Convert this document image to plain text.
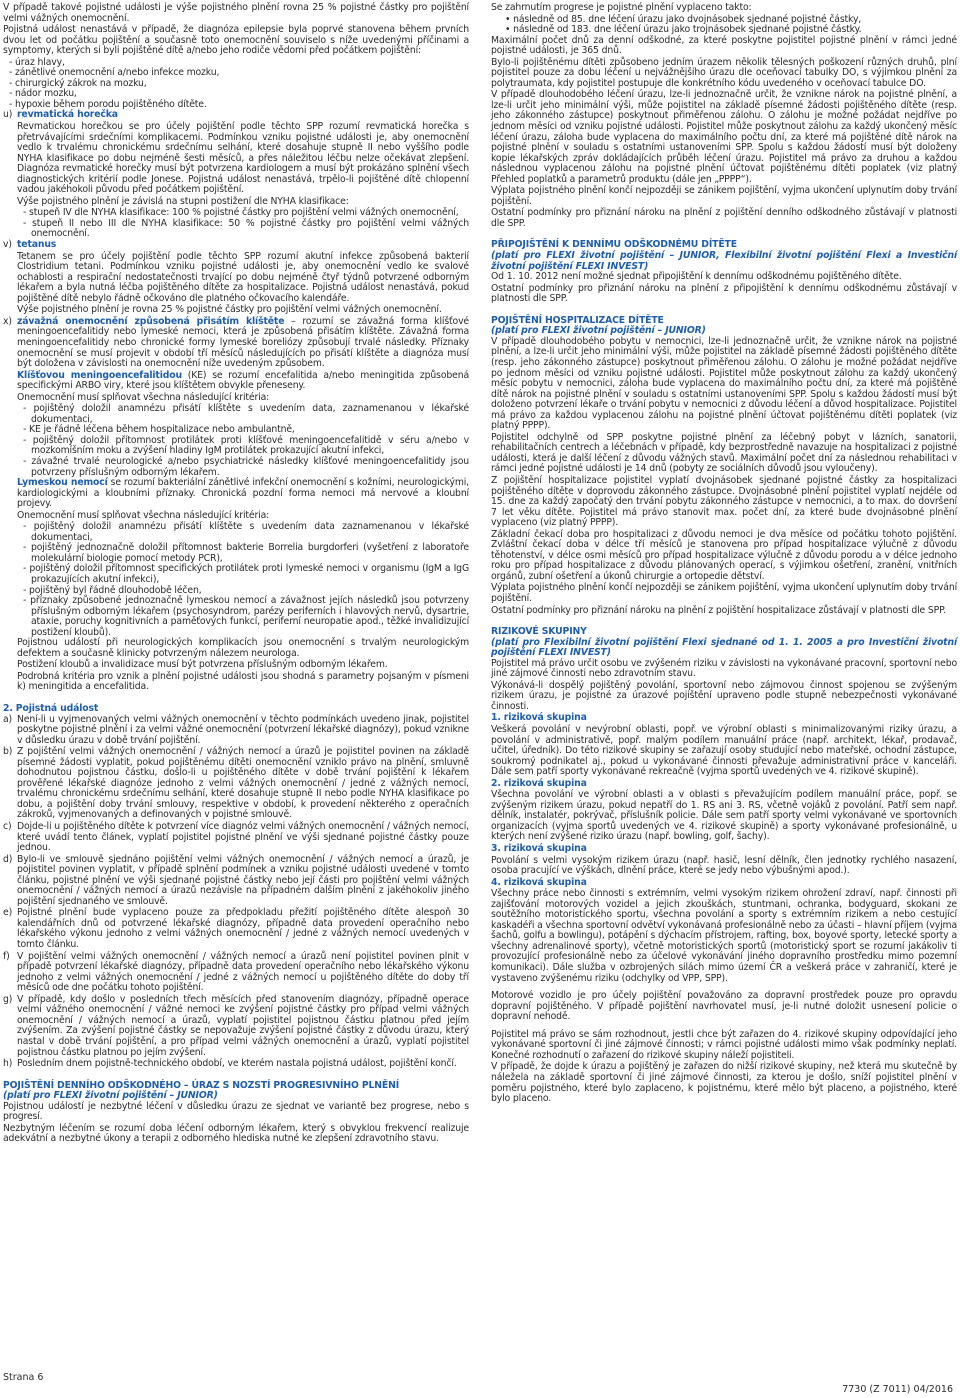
V případě takové pojistné události je výše pojistného plnění rovna 25 % pojistné částky pro pojištění velmi vážných onemocnění.

Pojistná událost nenastává v případě, že diagnóza epilepsie byla poprvé stanovena během prvních dvou let od počátku pojištění a současně toto onemocnění souviselo s níže uvedenými příčinami a symptomy, kterých si byli pojištěné dítě a/nebo jeho rodiče vědomi před počátkem pojištění:

- úraz hlavy,

- zánětlivé onemocnění a/nebo infekce mozku,

- chirurgický zákrok na mozku,

- nádor mozku,

- hypoxie během porodu pojištěného dítěte.

u) revmatická horečka

Revmatickou horečkou se pro účely pojištění podle těchto SPP rozumí revmatická horečka s přetrvávajícími srdečními komplikacemi. Podmínkou vzniku pojistné události je, aby onemocnění vedlo k trvalému chronickému srdečnímu selhání, které dosahuje stupně II nebo vyššího podle NYHA klasifikace po dobu nejméně šesti měsíců, a přes náležitou léčbu nelze očekávat zlepšení. Diagnóza revmatické horečky musí být potvrzena kardiologem a musí být prokázáno splnění všech diagnostických kritérií podle Jonese. Pojistná událost nenastává, trpělo-li pojištěné dítě chlopenní vadou jakéhokoli původu před počátkem pojištění.

Výše pojistného plnění je závislá na stupni postižení dle NYHA klasifikace:

- stupeň IV dle NYHA klasifikace: 100 % pojistné částky pro pojištění velmi vážných onemocnění,

- stupeň II nebo III dle NYHA klasifikace: 50 % pojistné částky pro pojištění velmi vážných onemocnění.

v) tetanus

Tetanem se pro účely pojištění podle těchto SPP rozumí akutní infekce způsobená bakterií Clostridium tetani. Podmínkou vzniku pojistné události je, aby onemocnění vedlo ke svalové ochablosti a respirační nedostatečnosti trvající po dobu nejméně čtyř týdnů potvrzené odborným lékařem a byla nutná léčba pojištěného dítěte za hospitalizace. Pojistná událost nenastává, pokud pojištěné dítě nebylo řádně očkováno dle platného očkovacího kalendáře.

Výše pojistného plnění je rovna 25 % pojistné částky pro pojištění velmi vážných onemocnění.

x) závažná onemocnění způsobená přisátím klíštěte – rozumí se závažná forma klíšťové meningoencefalitidy nebo lymeské nemoci, která je způsobená přisátím klíštěte. Závažná forma meningoencefalitidy nebo chronické formy lymeské boreliózy způsobují trvalé následky. Příznaky onemocnění se musí projevit v období tří měsíců následujících po přisátí klíštěte a diagnóza musí být doložena v závislosti na onemocnění níže uvedeným způsobem.

Klíšťovou meningoencefalitidou (KE) se rozumí encefalitida a/nebo meningitida způsobená specifickými ARBO viry, které jsou klíštětem obvykle přeneseny.

Onemocnění musí splňovat všechna následující kritéria:

- pojištěný doložil anamnézu přisátí klíštěte s uvedením data, zaznamenanou v lékařské dokumentaci,

- KE je řádně léčena během hospitalizace nebo ambulantně,

- pojištěný doložil přítomnost protilátek proti klíšťové meningoencefalitidě v séru a/nebo v mozkomíšním moku a zvýšení hladiny IgM protilátek prokazující akutní infekci,

- závažné trvalé neurologické a/nebo psychiatrické následky klíšťové meningoencefalitidy jsou potvrzeny příslušným odborným lékařem.

Lymeskou nemocí se rozumí bakteriální zánětlivé infekční onemocnění s kožními, neurologickými, kardiologickými a kloubními příznaky. Chronická pozdní forma nemoci má nervové a kloubní projevy.

Onemocnění musí splňovat všechna následující kritéria:

- pojištěný doložil anamnézu přisátí klíštěte s uvedením data zaznamenanou v lékařské dokumentaci,

- pojištěný jednoznačně doložil přítomnost bakterie Borrelia burgdorferi (vyšetření z laboratoře molekulární biologie pomocí metody PCR),

- pojištěný doložil přítomnost specifických protilátek proti lymeské nemoci v organismu (IgM a IgG prokazujících akutní infekci),

- pojištěný byl řádně dlouhodobě léčen,

- příznaky způsobené jednoznačně lymeskou nemocí a závažnost jejích následků jsou potvrzeny příslušným odborným lékařem (psychosyndrom, parézy periferních i hlavových nervů, dysartrie, ataxie, poruchy kognitivních a paměťových funkcí, periferní neuropatie apod., těžké invalidizující postižení kloubů).

Pojistnou událostí při neurologických komplikacích jsou onemocnění s trvalým neurologickým defektem a současně klinicky potvrzeným nálezem neurologa.

Postižení kloubů a invalidizace musí být potvrzena příslušným odborným lékařem.

Podrobná kritéria pro vznik a plnění pojistné události jsou shodná s parametry pojsaným v písmeni k) meningitida a encefalitida.

2. Pojistná událost

a) Není-li u vyjmenovaných velmi vážných onemocnění v těchto podmínkách uvedeno jinak, pojistitel poskytne pojistné plnění i za velmi vážné onemocnění (potvrzení lékařské diagnózy), pokud vznikne v důsledku úrazu v době trvání pojištění.

b) Z pojištění velmi vážných onemocnění / vážných nemocí a úrazů je pojistitel povinen na základě písemné žádosti vyplatit, pokud pojištěnému dítěti onemocnění vzniklo právo na plnění, smluvně dohodnutou pojistnou částku, došlo-li u pojištěného dítěte v době trvání pojištění k lékařem prověřené lékařské diagnóze jednoho z velmi vážných onemocnění / jedné z vážných nemocí, trvalému chronickému srdečnímu selhání, které dosahuje stupně II nebo podle NYHA klasifikace po dobu, a pojištění doby trvání smlouvy, respektive v období, k provedení některého z operačních zákroků, vyjmenovaných a definovaných v pojistné smlouvě.

c) Dojde-li u pojištěného dítěte k potvrzení více diagnóz velmi vážných onemocnění / vážných nemocí, které uvádí tento článek, vyplatí pojistitel pojistné plnění ve výši sjednané pojistné částky pouze jednou.

d) Bylo-li ve smlouvě sjednáno pojištění velmi vážných onemocnění / vážných nemocí a úrazů, je pojistitel povinen vyplatit, v případě splnění podmínek a vzniku pojistné události uvedené v tomto článku, pojistné plnění ve výši sjednané pojistné částky nebo její části pro pojištění velmi vážných onemocnění / vážných nemocí a úrazů nezávisle na případném dalším plnění z jakéhokoliv jiného pojištění sjednaného ve smlouvě.

e) Pojistné plnění bude vyplaceno pouze za předpokladu přežití pojištěného dítěte alespoň 30 kalendářních dnů od potvrzené lékařské diagnózy, případně data provedení operačního nebo lékařského výkonu jednoho z velmi vážných onemocnění / jedné z vážných nemocí uvedených v tomto článku.

f) V pojištění velmi vážných onemocnění / vážných nemocí a úrazů není pojistitel povinen plnit v případě potvrzení lékařské diagnózy, případně data provedení operačního nebo lékařského výkonu jednoho z velmi vážných onemocnění / jedné z vážných nemocí u pojištěného dítěte do doby tří měsíců ode dne počátku tohoto pojištění.

g) V případě, kdy došlo v posledních třech měsících před stanovením diagnózy, případně operace velmi vážného onemocnění / vážné nemoci ke zvýšení pojistné částky pro případ velmi vážných onemocnění / vážných nemocí a úrazů, vyplatí pojistitel pojistnou částku platnou před jejím zvýšením. Za zvýšení pojistné částky se nepovažuje zvýšení pojistné částky z důvodu úrazu, který nastal v době trvání pojištění, a pro případ velmi vážných onemocnění a úrazů, vyplatí pojistitel pojistnou částku platnou po jejím zvýšení.

h) Posledním dnem pojistně-technického období, ve kterém nastala pojistná událost, pojištění končí.

POJIŠTĚNÍ DENNÍHO ODŠKODNÉHO – ÚRAZ S NOZSTÍ PROGRESIVNÍHO PLNĚNÍ

(platí pro FLEXI životní pojištění – JUNIOR)

Pojistnou událostí je nezbytné léčení v důsledku úrazu ze sjednat ve variantě bez progrese, nebo s progresí.

Nezbytným léčením se rozumí doba léčení odborným lékařem, který s obvyklou frekvencí realizuje adekvátní a nezbytné úkony a terapii z odborného hlediska nutné ke zlepšení zdravotního stavu.

Se zahrnutím progrese je pojistné plnění vyplaceno takto:

• následně od 85. dne léčení úrazu jako dvojnásobek sjednané pojistné částky,

• následně od 183. dne léčení úrazu jako trojnásobek sjednané pojistné částky.

Maximální počet dnů za denní odškodné, za které poskytne pojistitel pojistné plnění v rámci jedné pojistné události, je 365 dnů.

Bylo-li pojištěnému dítěti způsobeno jedním úrazem několik tělesných poškození různých druhů, plní pojistitel pouze za dobu léčení u nejvážnějšího úrazu dle oceňovací tabulky DO, s výjimkou plnění za polytraumata, kdy pojistitel postupuje dle konkrétního kódu uvedeného v oceňovací tabulce DO.

V případě dlouhodobého léčení úrazu, lze-li jednoznačně určit, že vznikne nárok na pojistné plnění, a lze-li určit jeho minimální výši, může pojistitel na základě písemné žádosti pojištěného dítěte (resp. jeho zákonného zástupce) poskytnout přiměřenou zálohu. O zálohu je možné požádat nejdříve po jednom měsíci od vzniku pojistné události. Pojistitel může poskytnout zálohu za každý ukončený měsíc léčení úrazu, záloha bude vyplacena do maximálního počtu dní, za které má pojištěné dítě nárok na pojistné plnění v souladu s ostatními ustanoveními SPP. Spolu s každou žádostí musí být doloženy kopie lékařských zpráv dokládajících průběh léčení úrazu. Pojistitel má právo za druhou a každou následnou vyplacenou zálohu na pojistné plnění účtovat pojištěnému dítěti poplatek (viz platný Přehled poplatků a parametrů produktu (dále jen „PPPP“).

Výplata pojistného plnění končí nejpozději se zánikem pojištění, vyjma ukončení uplynutím doby trvání pojištění.

Ostatní podmínky pro přiznání nároku na plnění z pojištění denního odškodného zůstávají v platnosti dle SPP.

PŘIPOJIŠTĚNÍ K DENNÍMU ODŠKODNÉMU DÍTĚTE

(platí pro FLEXI životní pojištění – JUNIOR, Flexibilní životní pojištění Flexi a Investiční životní pojištění FLEXI INVEST)

Od 1. 10. 2012 není možné sjednat připojištění k dennímu odškodnému pojištěného dítěte.

Ostatní podmínky pro přiznání nároku na plnění z připojištění k dennímu odškodnému zůstávají v platnosti dle SPP.

POJIŠTĚNÍ HOSPITALIZACE DÍTĚTE

(platí pro FLEXI životní pojištění – JUNIOR)

V případě dlouhodobého pobytu v nemocnici, lze-li jednoznačně určit, že vznikne nárok na pojistné plnění, a lze-li určit jeho minimální výši, může pojistitel na základě písemné žádosti pojištěného dítěte (resp. jeho zákonného zástupce) poskytnout přiměřenou zálohu. O zálohu je možné požádat nejdříve po jednom měsíci od vzniku pojistné události. Pojistitel může poskytnout zálohu za každý ukončený měsíc pobytu v nemocnici, záloha bude vyplacena do maximálního počtu dní, za které má pojištěné dítě nárok na pojistné plnění v souladu s ostatními ustanoveními SPP. Spolu s každou žádostí musí být doloženo potvrzení lékaře o trvání pobytu v nemocnici z důvodu léčení a důvod hospitalizace. Pojistitel má právo za každou vyplacenou zálohu na pojistné plnění účtovat pojištěnému dítěti poplatek (viz platný PPPP).

Pojistitel odchylně od SPP poskytne pojistné plnění za léčebný pobyt v lázních, sanatorii, rehabilitačních centrech a léčebnách v případě, kdy bezprostředně navazuje na hospitalizaci z pojistné události, která je další léčení z důvodu vážných stavů. Maximální počet dní za následnou rehabilitaci v rámci jedné pojistné události je 14 dnů (pobyty ze sociálních důvodů jsou vyloučeny).

Z pojištění hospitalizace pojistitel vyplatí dvojnásobek sjednané pojistné částky za hospitalizaci pojištěného dítěte v doprovodu zákonného zástupce. Dvojnásobné plnění pojistitel vyplatí nejdéle od 15. dne za každý započatý den trvání pobytu zákonného zástupce v nemocnici, a to max. do dovršení 7 let věku dítěte. Pojistitel má právo stanovit max. počet dní, za které bude dvojnásobné plnění vyplaceno (viz platný PPPP).

Základní čekací doba pro hospitalizaci z důvodu nemoci je dva měsíce od počátku tohoto pojištění. Zvláštní čekací doba v délce tří měsíců je stanovena pro případ hospitalizace výlučně z důvodu těhotenství, v délce osmi měsíců pro případ hospitalizace výlučně z důvodu porodu a v délce jednoho roku pro případ hospitalizace z důvodu plánovaných operací, s výjimkou ošetření, zranění, vnitřních orgánů, zubní ošetření a úkonů chirurgie a ortopedie dětství.

Výplata pojistného plnění končí nejpozději se zánikem pojištění, vyjma ukončení uplynutím doby trvání pojištění.

Ostatní podmínky pro přiznání nároku na plnění z pojištění hospitalizace zůstávají v platnosti dle SPP.

RIZIKOVÉ SKUPINY

(platí pro Flexibilní životní pojištění Flexi sjednané od 1. 1. 2005 a pro Investiční životní pojištění FLEXI INVEST)

Pojistitel má právo určit osobu ve zvýšeném riziku v závislosti na vykonávané pracovní, sportovní nebo jiné zájmové činnosti nebo zdravotním stavu.

Výkonává-li dospělý pojištěný povolání, sportovní nebo zájmovou činnost spojenou se zvýšeným rizikem úrazu, je pojistné za úrazové pojištění upraveno podle stupně nebezpečnosti vykonávané činnosti.

1. riziková skupina

Veškerá povolání v nevýrobní oblasti, popř. ve výrobní oblasti s minimalizovanými riziky úrazu, a povolání v administrativě, popř. malým podílem manuální práce (např. architekt, lékař, prodavač, učitel, úředník). Do této rizikové skupiny se zařazují osoby studující nebo mateřské, ochodní zástupce, soukromý podnikatel aj., pokud u vykonávané činnosti převažuje administrativní práce v kanceláři. Dále sem patří sporty vykonávané rekreačně (vyjma sportů uvedených ve 4. rizikové skupině).

2. riziková skupina

Všechna povolání ve výrobní oblasti a v oblasti s převažujícím podílem manuální práce, popř. se zvýšeným rizikem úrazu, pokud nepatří do 1. RS ani 3. RS, včetně vojáků z povolání. Patří sem např. dělník, instalatér, pokrývač, příslušník policie. Dále sem patří sporty velmi vykonávané ve sportovních organizacích (vyjma sportů uvedených ve 4. rizikové skupině) a sporty vykonávané profesionálně, u kterých není zvýšené riziko úrazu (např. bowling, golf, šachy).

3. riziková skupina

Povolání s velmi vysokým rizikem úrazu (např. hasič, lesní dělník, člen jednotky rychlého nasazení, osoba pracující ve výškách, dlnění práce, které se jedy nebo výbušnými apod.).

4. riziková skupina

Všechny práce nebo činnosti s extrémním, velmi vysokým rizikem ohrožení zdraví, např. činnosti při zajišťování motorových vozidel a jejich zkouškách, stuntmani, ochranka, bodyguard, skokani ze soutěžního motoristického sportu, všechna povolání a sporty s extrémním rizikem a nebo cestující kaskadéři a všechna sportovní odvětví vykonávaná profesionálně nebo za účasti – hlavní příjem (vyjma šachů, golfu a bowlingu), potápění s dýchacím přístrojem, rafting, box, boyové sporty, letecké sporty a všechny adrenalinové sporty), včetně motoristických sportů (motoristický sport se rozumí jakákoliv ti provozující profesionálně nebo za účelové vykonávání jiného dopravního prostředku mimo pozemní komunikaci). Dále služba v ozbrojených silách mimo území ČR a veškerá práce v zahraničí, které je vystaveno zvýšenému riziku (odchylky od VPP, SPP).

Motorové vozidlo je pro účely pojištění považováno za dopravní prostředek pouze pro opravdu dopravní pojištěného. V případě pojištění navrhovatel musí, je-li nutné doložit usnesení policie o dopravní nehodě.

Pojistitel má právo se sám rozhodnout, jestli chce být zařazen do 4. rizikové skupiny odpovídající jeho vykonávané sportovní či jiné zájmové činnosti; v rámci pojistné události mimo však podmínky neplatí. Konečné rozhodnutí o zařazení do rizikové skupiny náleží pojistiteli.

V případě, že dojde k úrazu a pojištěný je zařazen do nižší rizikové skupiny, než která mu skutečně by náležela na základě sportovní či jiné zájmové činnosti, za kterou je došlo, sníží pojistitel plnění v poměru pojistného, které bylo zaplaceno, k pojistnému, které mělo být placeno, a pojistného, které bylo placeno.

Strana 6
7730 (Z 7011) 04/2016
